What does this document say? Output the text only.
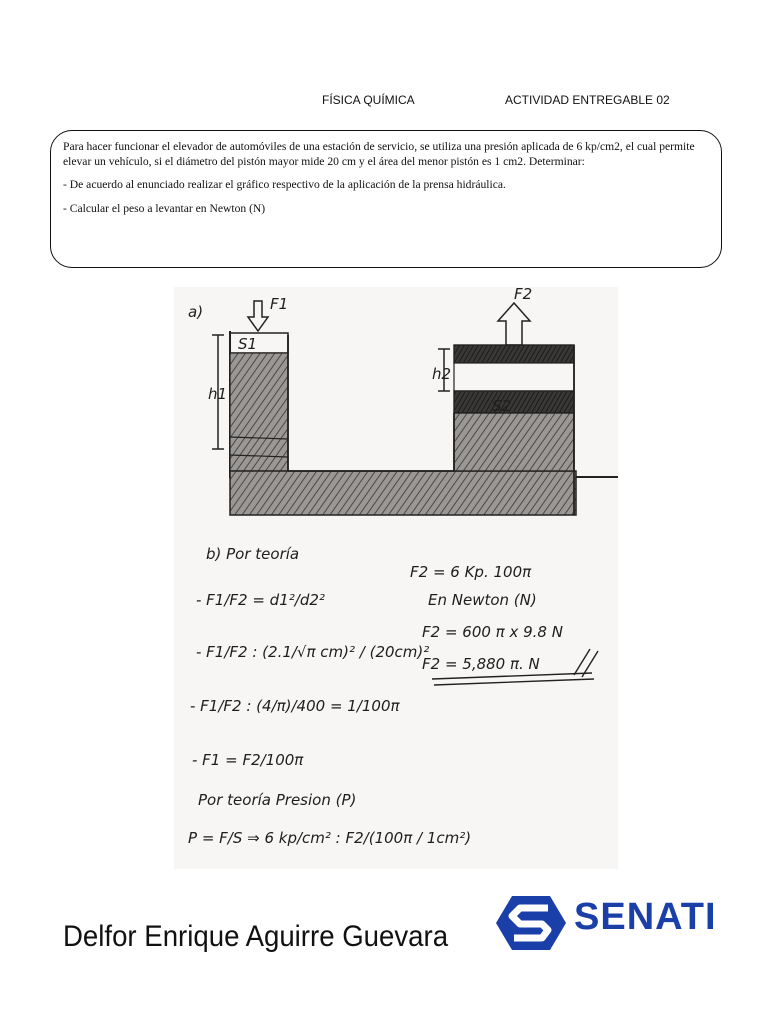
FÍSICA QUÍMICA	ACTIVIDAD ENTREGABLE 02

Para hacer funcionar el elevador de automóviles de una estación de servicio, se utiliza una presión aplicada de 6 kp/cm2, el cual permite elevar un vehículo, si el diámetro del pistón mayor mide 20 cm y el área del menor pistón es 1 cm2. Determinar:

- De acuerdo al enunciado realizar el gráfico respectivo de la aplicación de la prensa hidráulica.

- Calcular el peso a levantar en Newton (N)

a)	F1
S1
h1
S2
F2
h2
b) Por teoría
- F1/F2 = d1²/d2²
- F1/F2 : (2.1/√π cm)² / (20cm)²
- F1/F2 : (4/π)/400 = 1/100π
- F1 = F2/100π
Por teoría Presion (P)
P = F/S ⇒ 6 kp/cm² : F2/(100π / 1cm²)
F2 = 6 Kp. 100π
En Newton (N)
F2 = 600 π x 9.8 N
F2 = 5,880 π. N
Delfor Enrique Aguirre Guevara	SENATI
